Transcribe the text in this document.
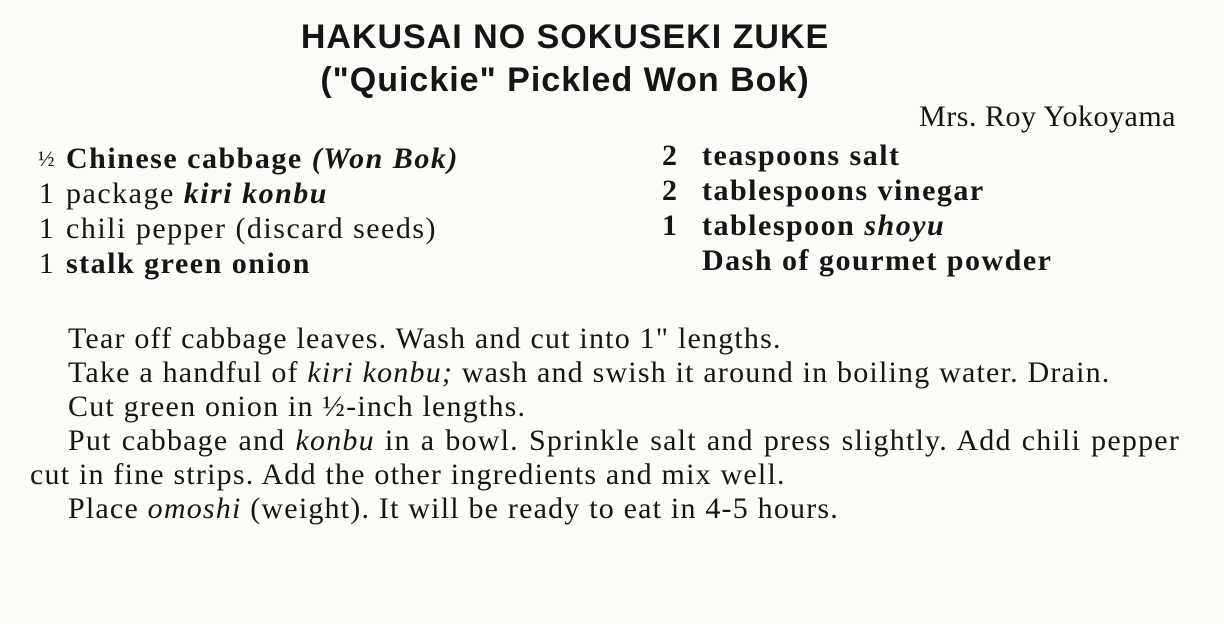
HAKUSAI NO SOKUSEKI ZUKE
("Quickie" Pickled Won Bok)
Mrs. Roy Yokoyama
½ Chinese cabbage (Won Bok)
1 package kiri konbu
1 chili pepper (discard seeds)
1 stalk green onion
2 teaspoons salt
2 tablespoons vinegar
1 tablespoon shoyu
Dash of gourmet powder

Tear off cabbage leaves. Wash and cut into 1" lengths.

Take a handful of kiri konbu; wash and swish it around in boiling water. Drain.

Cut green onion in ½-inch lengths.

Put cabbage and konbu in a bowl. Sprinkle salt and press slightly. Add chili pepper cut in fine strips. Add the other ingredients and mix well.

Place omoshi (weight). It will be ready to eat in 4-5 hours.
